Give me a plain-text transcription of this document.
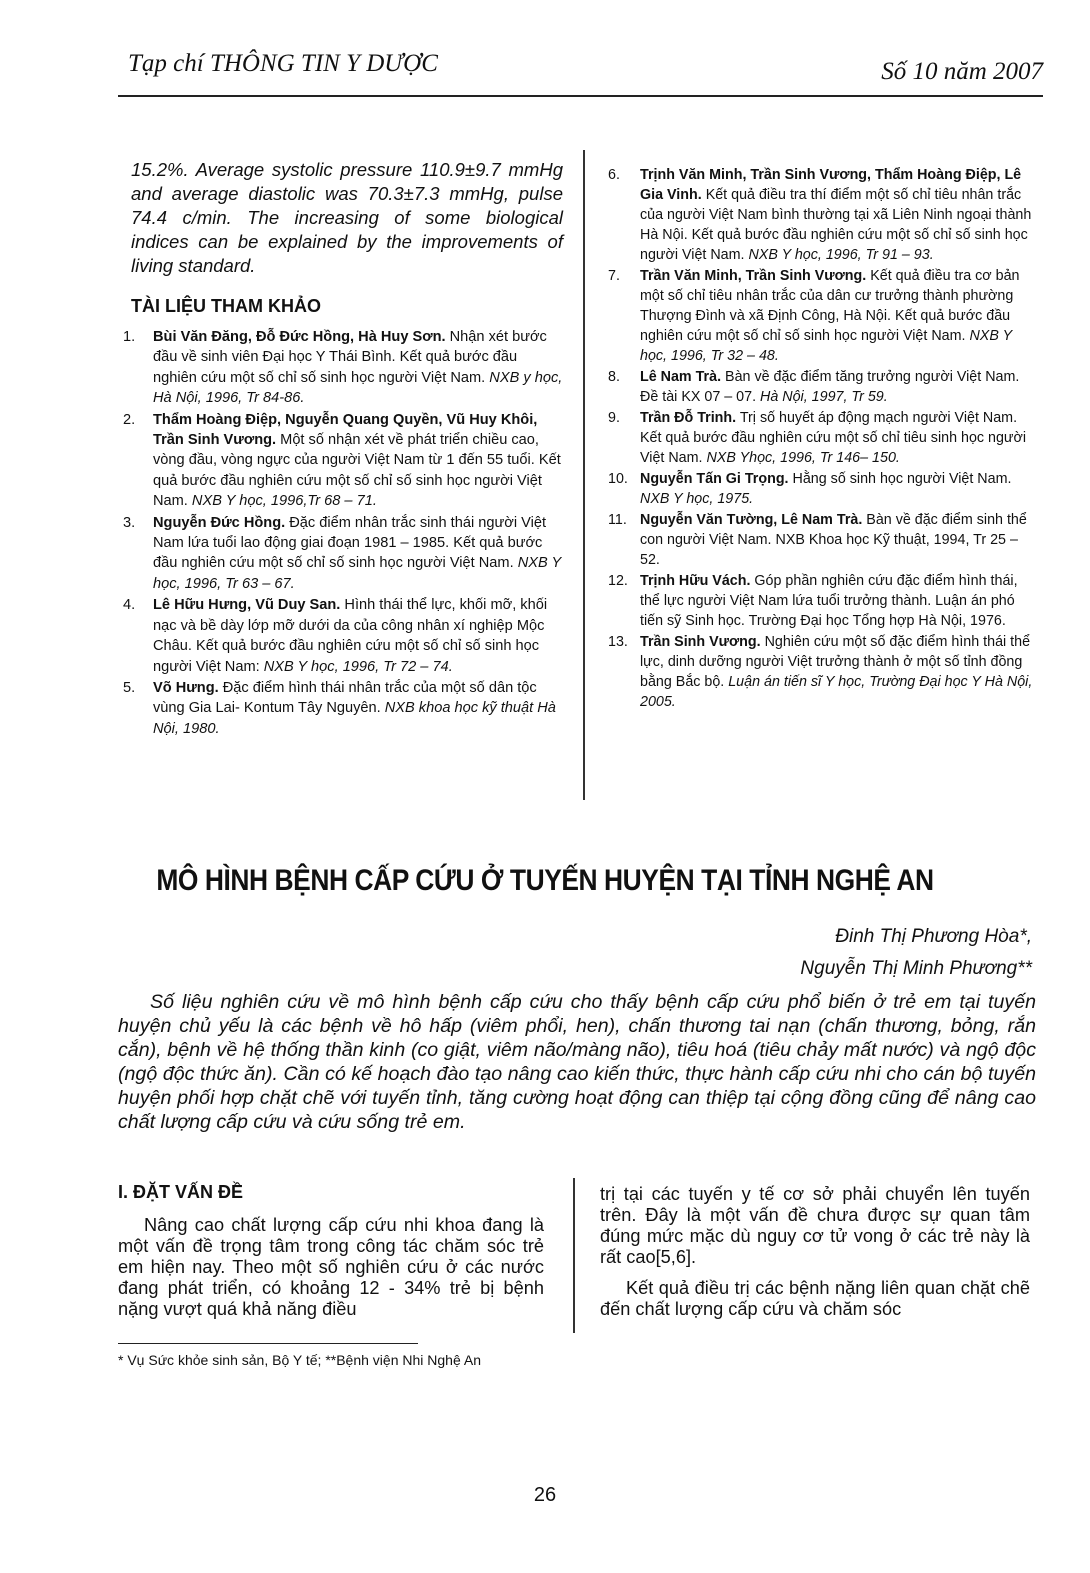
Tạp chí THÔNG TIN Y DƯỢC	Số 10 năm 2007
15.2%. Average systolic pressure 110.9±9.7 mmHg and average diastolic was 70.3±7.3 mmHg, pulse 74.4 c/min. The increasing of some biological indices can be explained by the improvements of living standard.
TÀI LIỆU THAM KHẢO
1.	Bùi Văn Đăng, Đỗ Đức Hồng, Hà Huy Sơn. Nhận xét bước đầu về sinh viên Đại học Y Thái Bình. Kết quả bước đầu nghiên cứu một số chỉ số sinh học người Việt Nam. NXB y học, Hà Nội, 1996, Tr 84-86.
2.	Thẩm Hoàng Điệp, Nguyễn Quang Quyền, Vũ Huy Khôi, Trần Sinh Vương. Một số nhận xét về phát triển chiều cao, vòng đầu, vòng ngực của người Việt Nam từ 1 đến 55 tuổi. Kết quả bước đầu nghiên cứu một số chỉ số sinh học người Việt Nam. NXB Y học, 1996,Tr 68 – 71.
3.	Nguyễn Đức Hồng. Đặc điểm nhân trắc sinh thái người Việt Nam lứa tuổi lao động giai đoạn 1981 – 1985. Kết quả bước đầu nghiên cứu một số chỉ số sinh học người Việt Nam. NXB Y học, 1996, Tr 63 – 67.
4.	Lê Hữu Hưng, Vũ Duy San. Hình thái thể lực, khối mỡ, khối nạc và bề dày lớp mỡ dưới da của công nhân xí nghiệp Mộc Châu. Kết quả bước đầu nghiên cứu một số chỉ số sinh học người Việt Nam: NXB Y học, 1996, Tr 72 – 74.
5.	Võ Hưng. Đặc điểm hình thái nhân trắc của một số dân tộc vùng Gia Lai- Kontum Tây Nguyên. NXB khoa học kỹ thuật Hà Nội, 1980.
6.	Trịnh Văn Minh, Trần Sinh Vương, Thẩm Hoàng Điệp, Lê Gia Vinh. Kết quả điều tra thí điểm một số chỉ tiêu nhân trắc của người Việt Nam bình thường tại xã Liên Ninh ngoại thành Hà Nội. Kết quả bước đầu nghiên cứu một số chỉ số sinh học người Việt Nam. NXB Y học, 1996, Tr 91 – 93.
7.	Trần Văn Minh, Trần Sinh Vương. Kết quả điều tra cơ bản một số chỉ tiêu nhân trắc của dân cư trưởng thành phường Thượng Đình và xã Định Công, Hà Nội. Kết quả bước đầu nghiên cứu một số chỉ số sinh học người Việt Nam. NXB Y học, 1996, Tr 32 – 48.
8.	Lê Nam Trà. Bàn về đặc điểm tăng trưởng người Việt Nam. Đề tài KX 07 – 07. Hà Nội, 1997, Tr 59.
9.	Trần Đỗ Trinh. Trị số huyết áp động mạch người Việt Nam. Kết quả bước đầu nghiên cứu một số chỉ tiêu sinh học người Việt Nam. NXB Yhọc, 1996, Tr 146– 150.
10. Nguyễn Tấn Gi Trọng. Hằng số sinh học người Việt Nam. NXB Y học, 1975.
11. Nguyễn Văn Tường, Lê Nam Trà. Bàn về đặc điểm sinh thể con người Việt Nam. NXB Khoa học Kỹ thuật, 1994, Tr 25 – 52.
12. Trịnh Hữu Vách. Góp phần nghiên cứu đặc điểm hình thái, thể lực người Việt Nam lứa tuổi trưởng thành. Luận án phó tiến sỹ Sinh học. Trường Đại học Tổng hợp Hà Nội, 1976.
13. Trần Sinh Vương. Nghiên cứu một số đặc điểm hình thái thể lực, dinh dưỡng người Việt trưởng thành ở một số tỉnh đồng bằng Bắc bộ. Luận án tiến sĩ Y học, Trường Đại học Y Hà Nội, 2005.
MÔ HÌNH BỆNH CẤP CỨU Ở TUYẾN HUYỆN TẠI TỈNH NGHỆ AN
Đinh Thị Phương Hòa*,
Nguyễn Thị Minh Phương**
Số liệu nghiên cứu về mô hình bệnh cấp cứu cho thấy bệnh cấp cứu phổ biến ở trẻ em tại tuyến huyện chủ yếu là các bệnh về hô hấp (viêm phổi, hen), chấn thương tai nạn (chấn thương, bỏng, rắn cắn), bệnh về hệ thống thần kinh (co giật, viêm não/màng não), tiêu hoá (tiêu chảy mất nước) và ngộ độc (ngộ độc thức ăn). Cần có kế hoạch đào tạo nâng cao kiến thức, thực hành cấp cứu nhi cho cán bộ tuyến huyện phối hợp chặt chẽ với tuyến tỉnh, tăng cường hoạt động can thiệp tại cộng đồng cũng để nâng cao chất lượng cấp cứu và cứu sống trẻ em.
I. ĐẶT VẤN ĐỀ
Nâng cao chất lượng cấp cứu nhi khoa đang là một vấn đề trọng tâm trong công tác chăm sóc trẻ em hiện nay. Theo một số nghiên cứu ở các nước đang phát triển, có khoảng 12 - 34% trẻ bị bệnh nặng vượt quá khả năng điều
trị tại các tuyến y tế cơ sở phải chuyển lên tuyến trên. Đây là một vấn đề chưa được sự quan tâm đúng mức mặc dù nguy cơ tử vong ở các trẻ này là rất cao[5,6].
Kết quả điều trị các bệnh nặng liên quan chặt chẽ đến chất lượng cấp cứu và chăm sóc
* Vụ Sức khỏe sinh sản, Bộ Y tế; **Bệnh viện Nhi Nghệ An
26
